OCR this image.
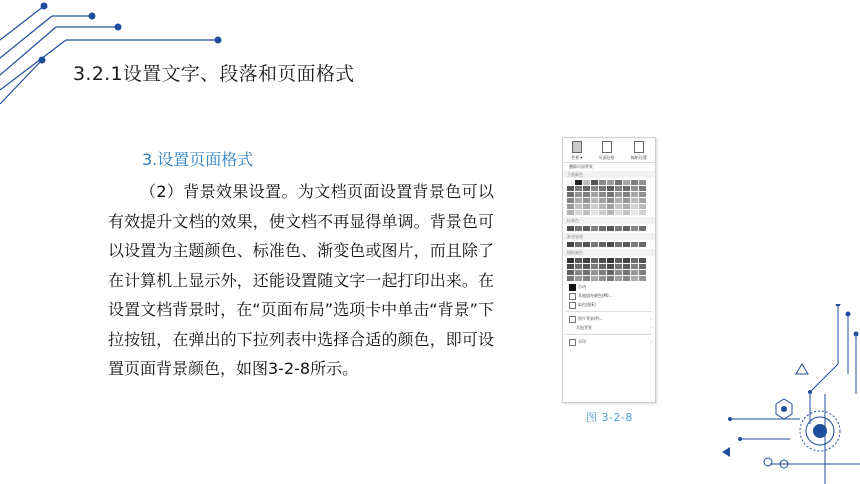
3.2.1设置文字、段落和页面格式
3.设置页面格式
（2）背景效果设置。为文档页面设置背景色可以有效提升文档的效果，使文档不再显得单调。背景色可以设置为主题颜色、标准色、渐变色或图片，而且除了在计算机上显示外，还能设置随文字一起打印出来。在设置文档背景时，在“页面布局”选项卡中单击“背景”下拉按钮，在弹出的下拉列表中选择合适的颜色，即可设置页面背景颜色，如图3-2-8所示。
背景 ▾	页面边框	稿纸设置
删除页面背景
主题颜色
标准色
渐变填充
稿纸颜色
自动
其他填充颜色(M)...
取色器(E)
图片背景(P)...	›
其他背景	›
水印	›
图 3-2-8
